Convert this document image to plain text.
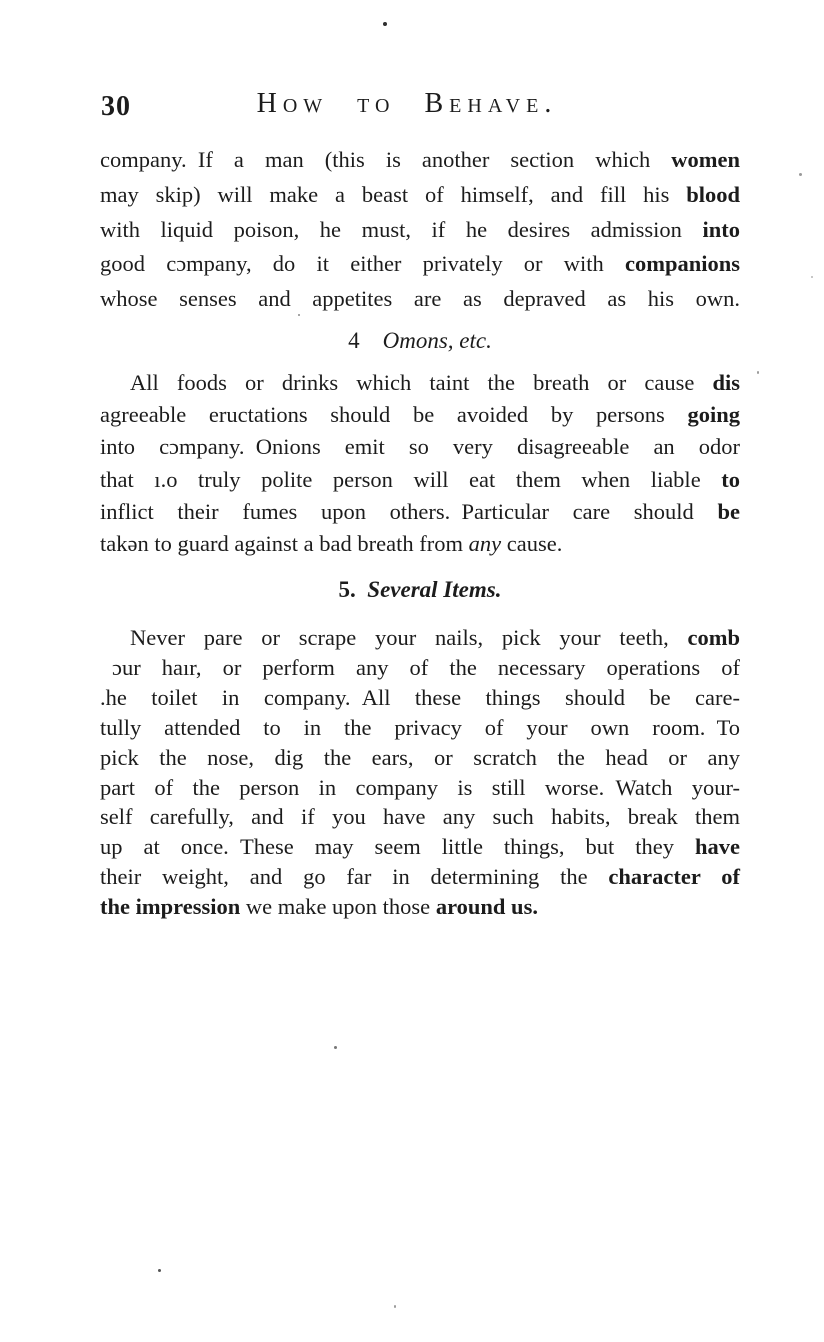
30	How to Behave.
company. If a man (this is another section which women
may skip) will make a beast of himself, and fill his blood
with liquid poison, he must, if he desires admission into
good cɔmpany, do it either privately or with companions
whose senses and appetites are as depraved as his own.
4   Omons, etc.
All foods or drinks which taint the breath or cause dis
agreeable eructations should be avoided by persons going
into cɔmpany. Onions emit so very disagreeable an odor
that ı.o truly polite person will eat them when liable to
inflict their fumes upon others. Particular care should be
takən to guard against a bad breath from any cause.
5.  Several Items.
Never pare or scrape your nails, pick your teeth, comb
ɔur haır, or perform any of the necessary operations of
.he toilet in company. All these things should be care-
tully attended to in the privacy of your own room. To
pick the nose, dig the ears, or scratch the head or any
part of the person in company is still worse. Watch your-
self carefully, and if you have any such habits, break them
up at once. These may seem little things, but they have
their weight, and go far in determining the character of
the impression we make upon those around us.
